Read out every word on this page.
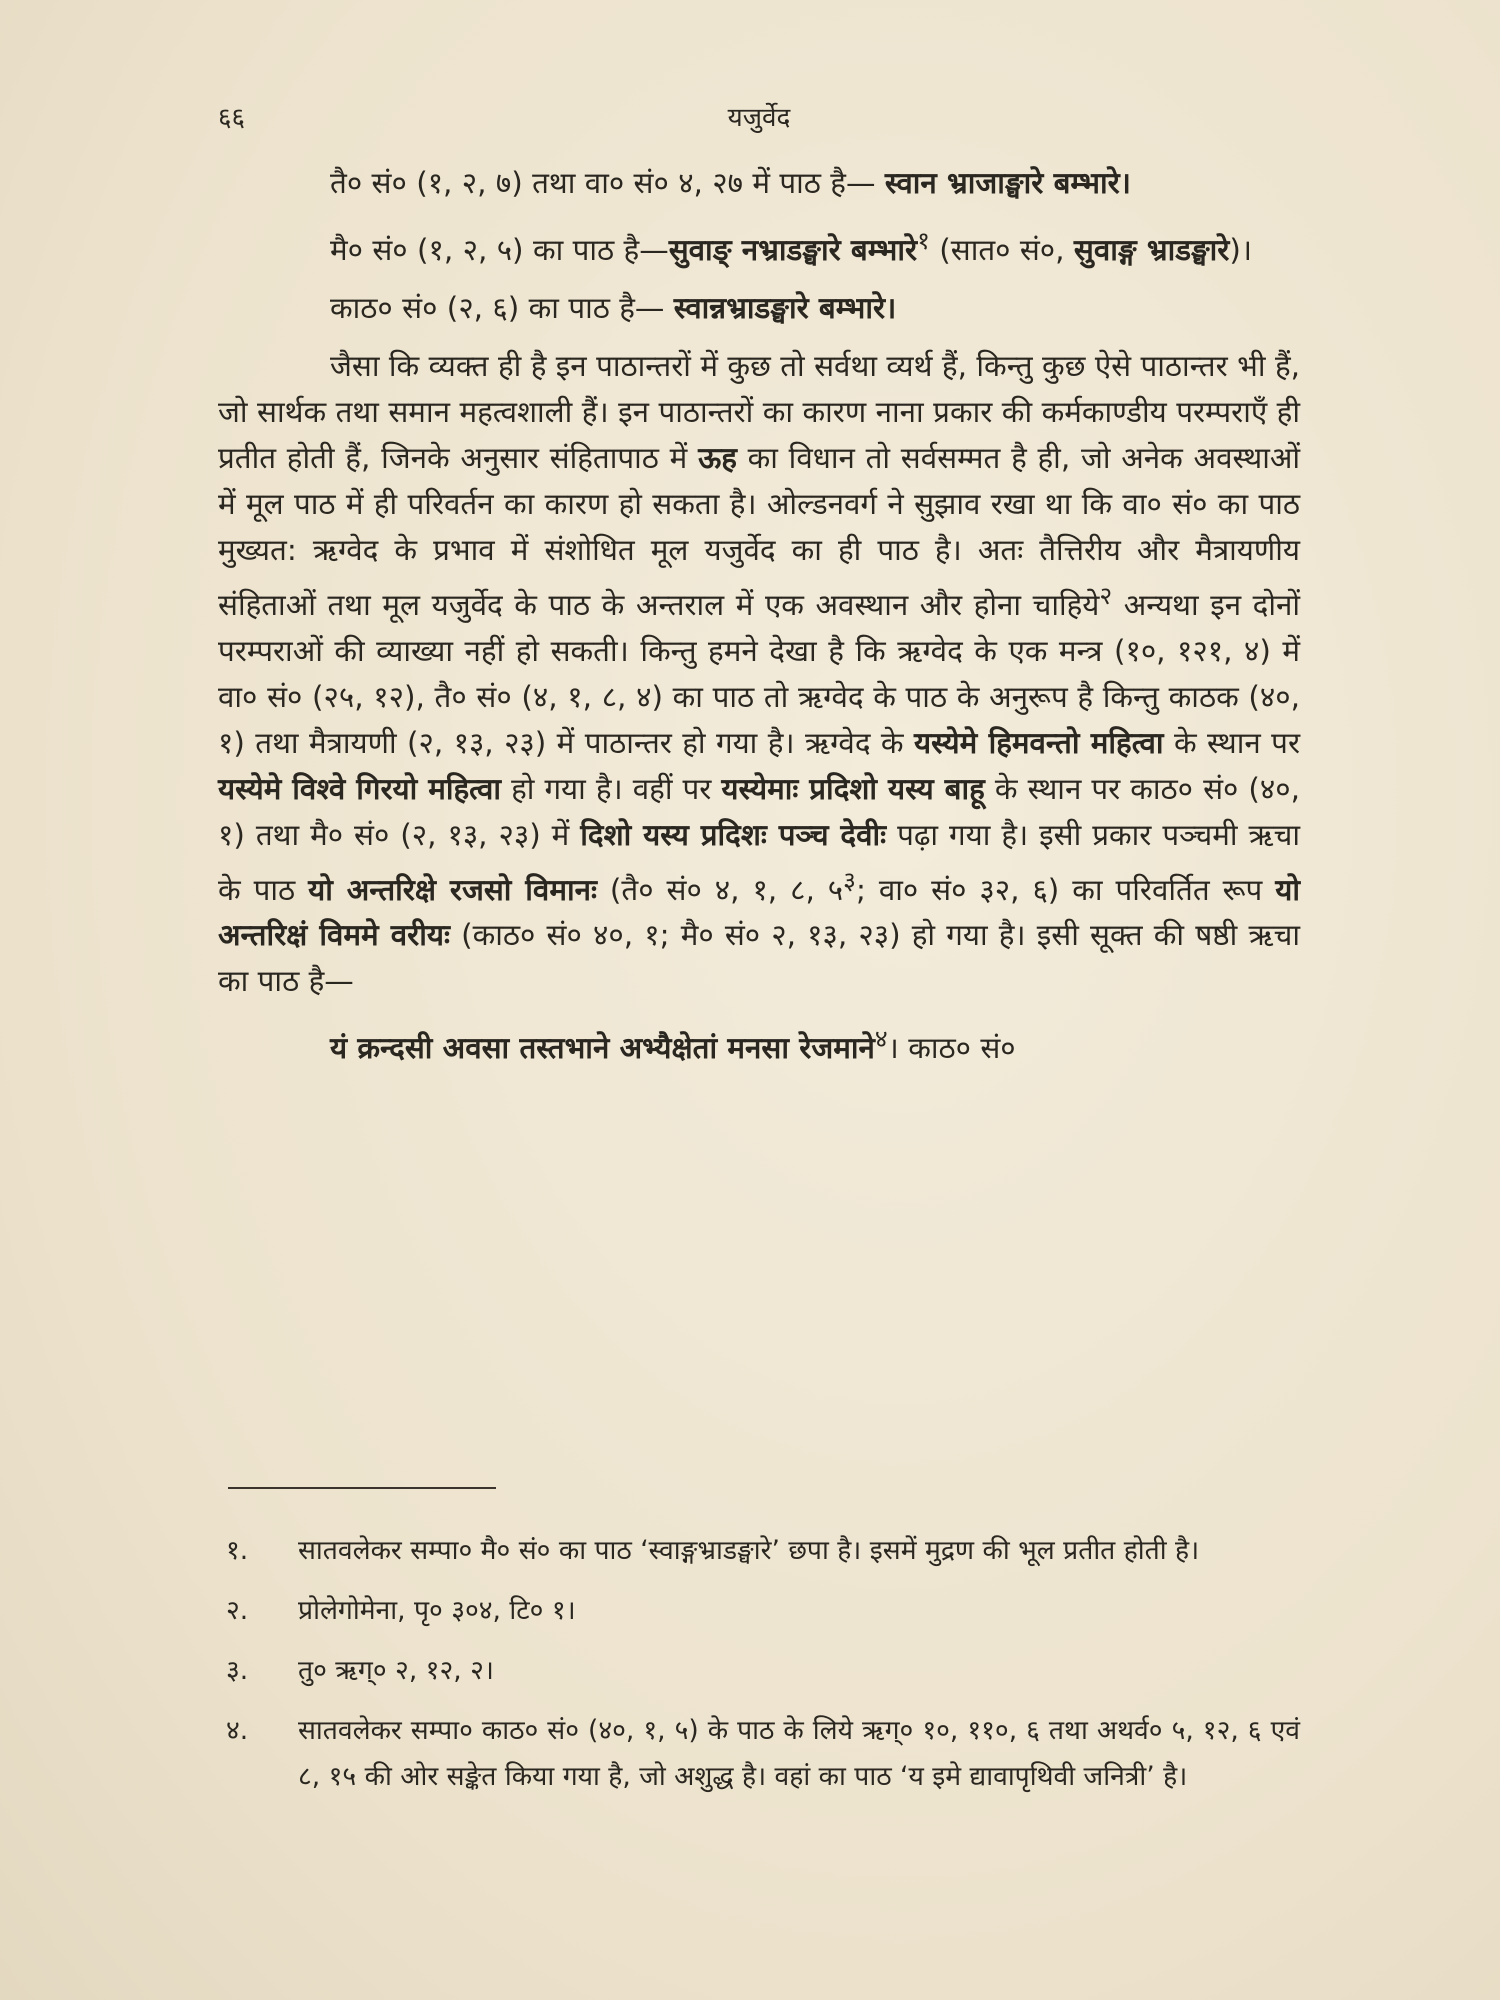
६६	यजुर्वेद

तै० सं० (१, २, ७) तथा वा० सं० ४, २७ में पाठ है— स्वान भ्राजाङ्घारे बम्भारे।

मै० सं० (१, २, ५) का पाठ है—सुवाङ् नभ्राडङ्घारे बम्भारे$^१$ (सात० सं०, सुवाङ्ग भ्राडङ्घारे)।

काठ० सं० (२, ६) का पाठ है— स्वान्नभ्राडङ्घारे बम्भारे।

जैसा कि व्यक्त ही है इन पाठान्तरों में कुछ तो सर्वथा व्यर्थ हैं, किन्तु कुछ ऐसे पाठान्तर भी हैं, जो सार्थक तथा समान महत्वशाली हैं। इन पाठान्तरों का कारण नाना प्रकार की कर्मकाण्डीय परम्पराएँ ही प्रतीत होती हैं, जिनके अनुसार संहितापाठ में ऊह का विधान तो सर्वसम्मत है ही, जो अनेक अवस्थाओं में मूल पाठ में ही परिवर्तन का कारण हो सकता है। ओल्डनवर्ग ने सुझाव रखा था कि वा० सं० का पाठ मुख्यत: ऋग्वेद के प्रभाव में संशोधित मूल यजुर्वेद का ही पाठ है। अतः तैत्तिरीय और मैत्रायणीय संहिताओं तथा मूल यजुर्वेद के पाठ के अन्तराल में एक अवस्थान और होना चाहिये$^२$ अन्यथा इन दोनों परम्पराओं की व्याख्या नहीं हो सकती। किन्तु हमने देखा है कि ऋग्वेद के एक मन्त्र (१०, १२१, ४) में वा० सं० (२५, १२), तै० सं० (४, १, ८, ४) का पाठ तो ऋग्वेद के पाठ के अनुरूप है किन्तु काठक (४०, १) तथा मैत्रायणी (२, १३, २३) में पाठान्तर हो गया है। ऋग्वेद के यस्येमे हिमवन्तो महित्वा के स्थान पर यस्येमे विश्वे गिरयो महित्वा हो गया है। वहीं पर यस्येमाः प्रदिशो यस्य बाहू के स्थान पर काठ० सं० (४०, १) तथा मै० सं० (२, १३, २३) में दिशो यस्य प्रदिशः पञ्च देवीः पढ़ा गया है। इसी प्रकार पञ्चमी ऋचा के पाठ यो अन्तरिक्षे रजसो विमानः (तै० सं० ४, १, ८, $५^३$; वा० सं० ३२, ६) का परिवर्तित रूप यो अन्तरिक्षं विममे वरीयः (काठ० सं० ४०, १; मै० सं० २, १३, २३) हो गया है। इसी सूक्त की षष्ठी ऋचा का पाठ है—

यं क्रन्दसी अवसा तस्तभाने अभ्यैक्षेतां मनसा रेजमाने$^४$। काठ० सं०

१. सातवलेकर सम्पा० मै० सं० का पाठ ‘स्वाङ्गभ्राडङ्घारे’ छपा है। इसमें मुद्रण की भूल प्रतीत होती है।
२. प्रोलेगोमेना, पृ० ३०४, टि० १।
३. तु० ऋग्० २, १२, २।
४. सातवलेकर सम्पा० काठ० सं० (४०, १, ५) के पाठ के लिये ऋग्० १०, ११०, ६ तथा अथर्व० ५, १२, ६ एवं ८, १५ की ओर सङ्केत किया गया है, जो अशुद्ध है। वहां का पाठ ‘य इमे द्यावापृथिवी जनित्री’ है।
